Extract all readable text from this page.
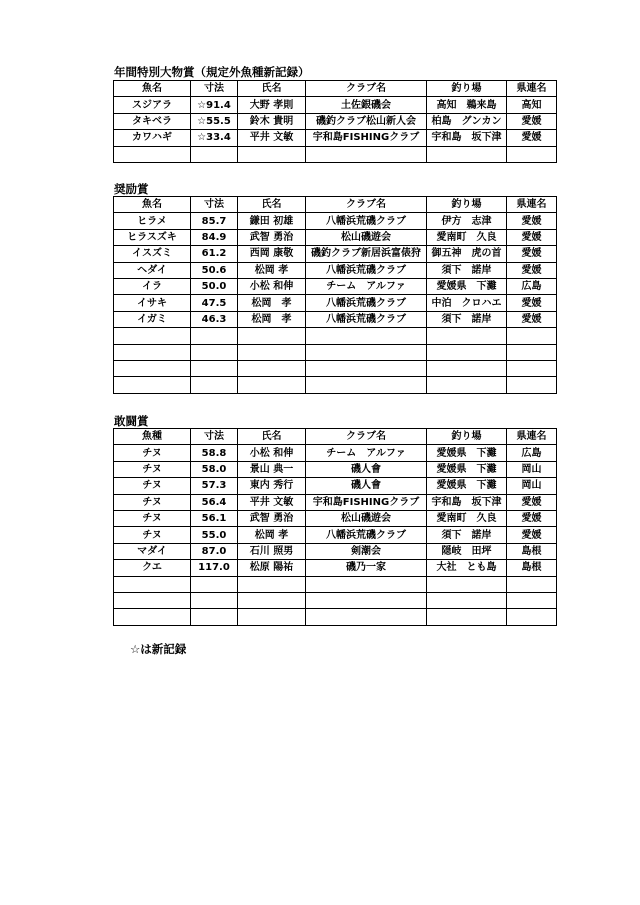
年間特別大物賞（規定外魚種新記録）
魚名	寸法	氏名	クラブ名	釣り場	県連名
スジアラ	☆91.4	大野 孝則	土佐銀磯会	高知　鵜来島	高知
タキベラ	☆55.5	鈴木 貴明	磯釣クラブ松山新人会	柏島　グンカン	愛媛
カワハギ	☆33.4	平井 文敏	宇和島FISHINGクラブ	宇和島　坂下津	愛媛

奨励賞
魚名	寸法	氏名	クラブ名	釣り場	県連名
ヒラメ	85.7	鎌田 初雄	八幡浜荒磯クラブ	伊方　志津	愛媛
ヒラスズキ	84.9	武智 勇治	松山磯遊会	愛南町　久良	愛媛
イスズミ	61.2	西岡 康敬	磯釣クラブ新居浜富俵狩	御五神　虎の首	愛媛
ヘダイ	50.6	松岡 孝	八幡浜荒磯クラブ	須下　諾岸	愛媛
イラ	50.0	小松 和伸	チーム　アルファ	愛媛県　下灘	広島
イサキ	47.5	松岡　孝	八幡浜荒磯クラブ	中泊　クロハエ	愛媛
イガミ	46.3	松岡　孝	八幡浜荒磯クラブ	須下　諾岸	愛媛

敢闘賞
魚種	寸法	氏名	クラブ名	釣り場	県連名
チヌ	58.8	小松 和伸	チーム　アルファ	愛媛県　下灘	広島
チヌ	58.0	景山 典一	磯人會	愛媛県　下灘	岡山
チヌ	57.3	東内 秀行	磯人會	愛媛県　下灘	岡山
チヌ	56.4	平井 文敏	宇和島FISHINGクラブ	宇和島　坂下津	愛媛
チヌ	56.1	武智 勇治	松山磯遊会	愛南町　久良	愛媛
チヌ	55.0	松岡 孝	八幡浜荒磯クラブ	須下　諾岸	愛媛
マダイ	87.0	石川 照男	剣潮会	隠岐　田坪	島根
クエ	117.0	松原 陽祐	磯乃一家	大社　とも島	島根

☆は新記録
